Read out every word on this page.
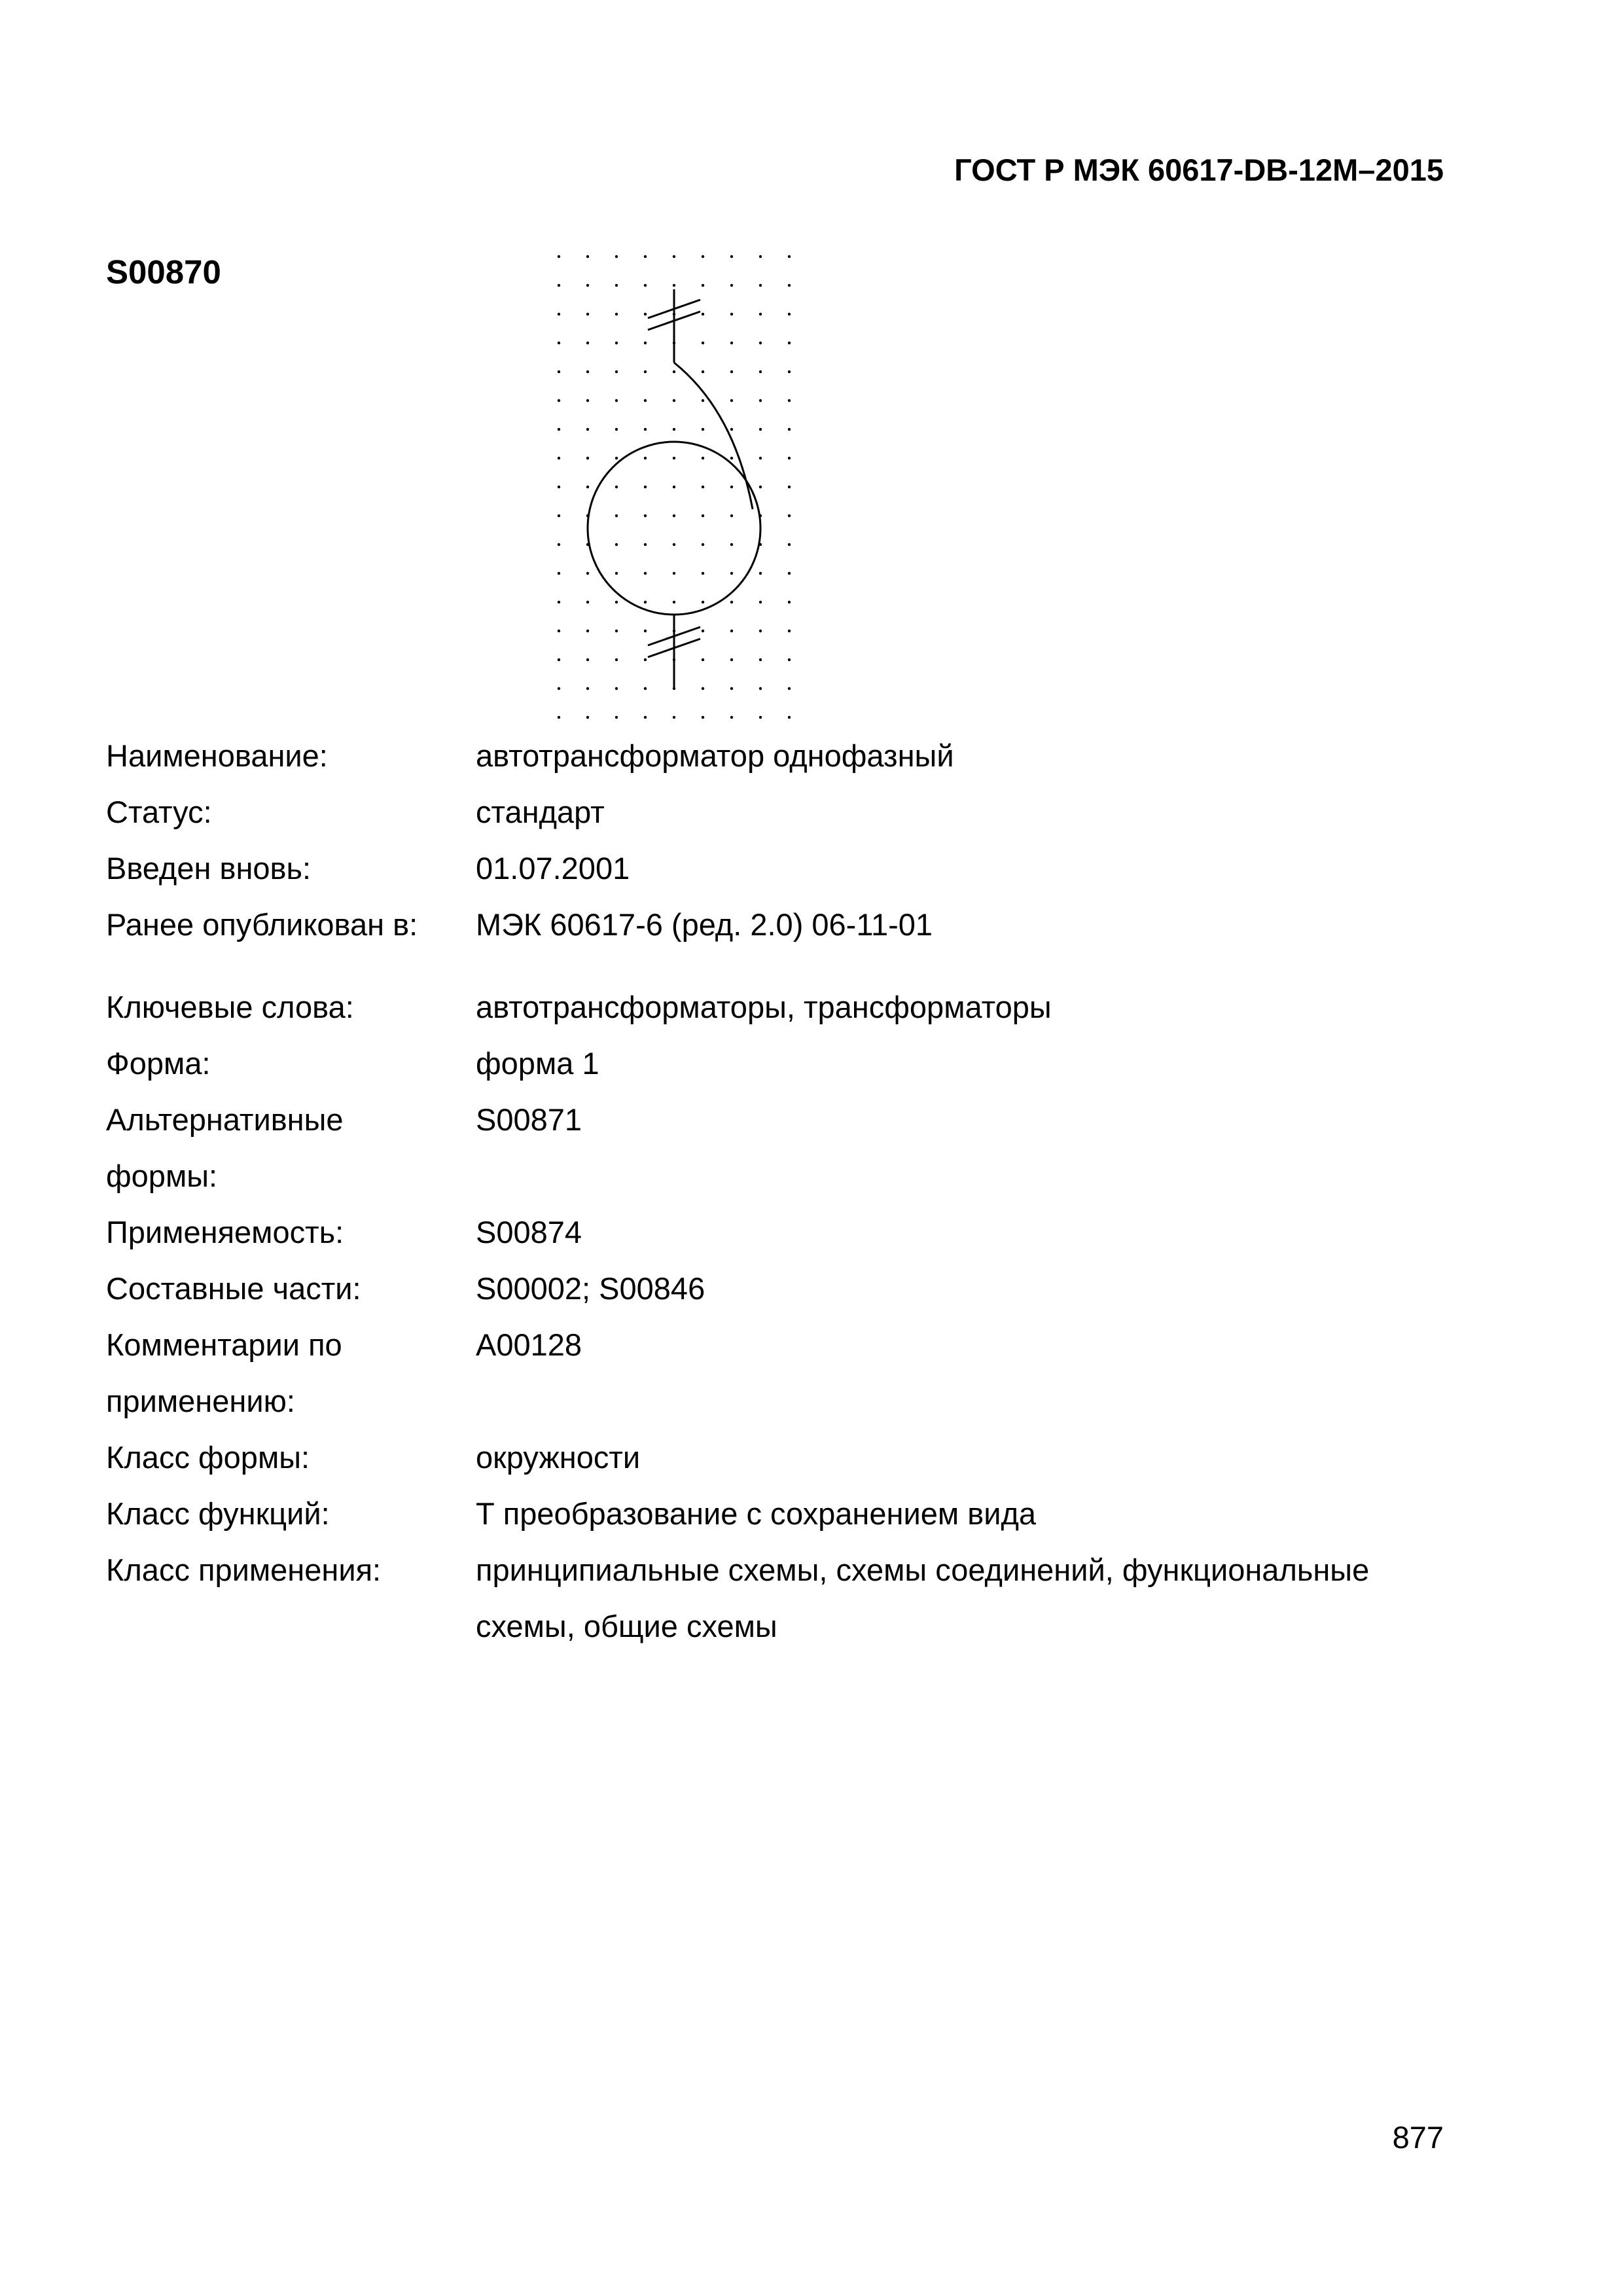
ГОСТ Р МЭК 60617-DB-12M–2015
S00870
Наименование:	автотрансформатор однофазный
Статус:	стандарт
Введен вновь:	01.07.2001
Ранее опубликован в:	МЭК 60617-6 (ред. 2.0) 06-11-01
Ключевые слова:	автотрансформаторы, трансформаторы
Форма:	форма 1
Альтернативные формы:
S00871
Применяемость:	S00874
Составные части:	S00002; S00846
Комментарии по применению:
A00128
Класс формы:	окружности
Класс функций:	Т преобразование с сохранением вида
Класс применения:	принципиальные схемы, схемы соединений, функциональные схемы, общие схемы
877
